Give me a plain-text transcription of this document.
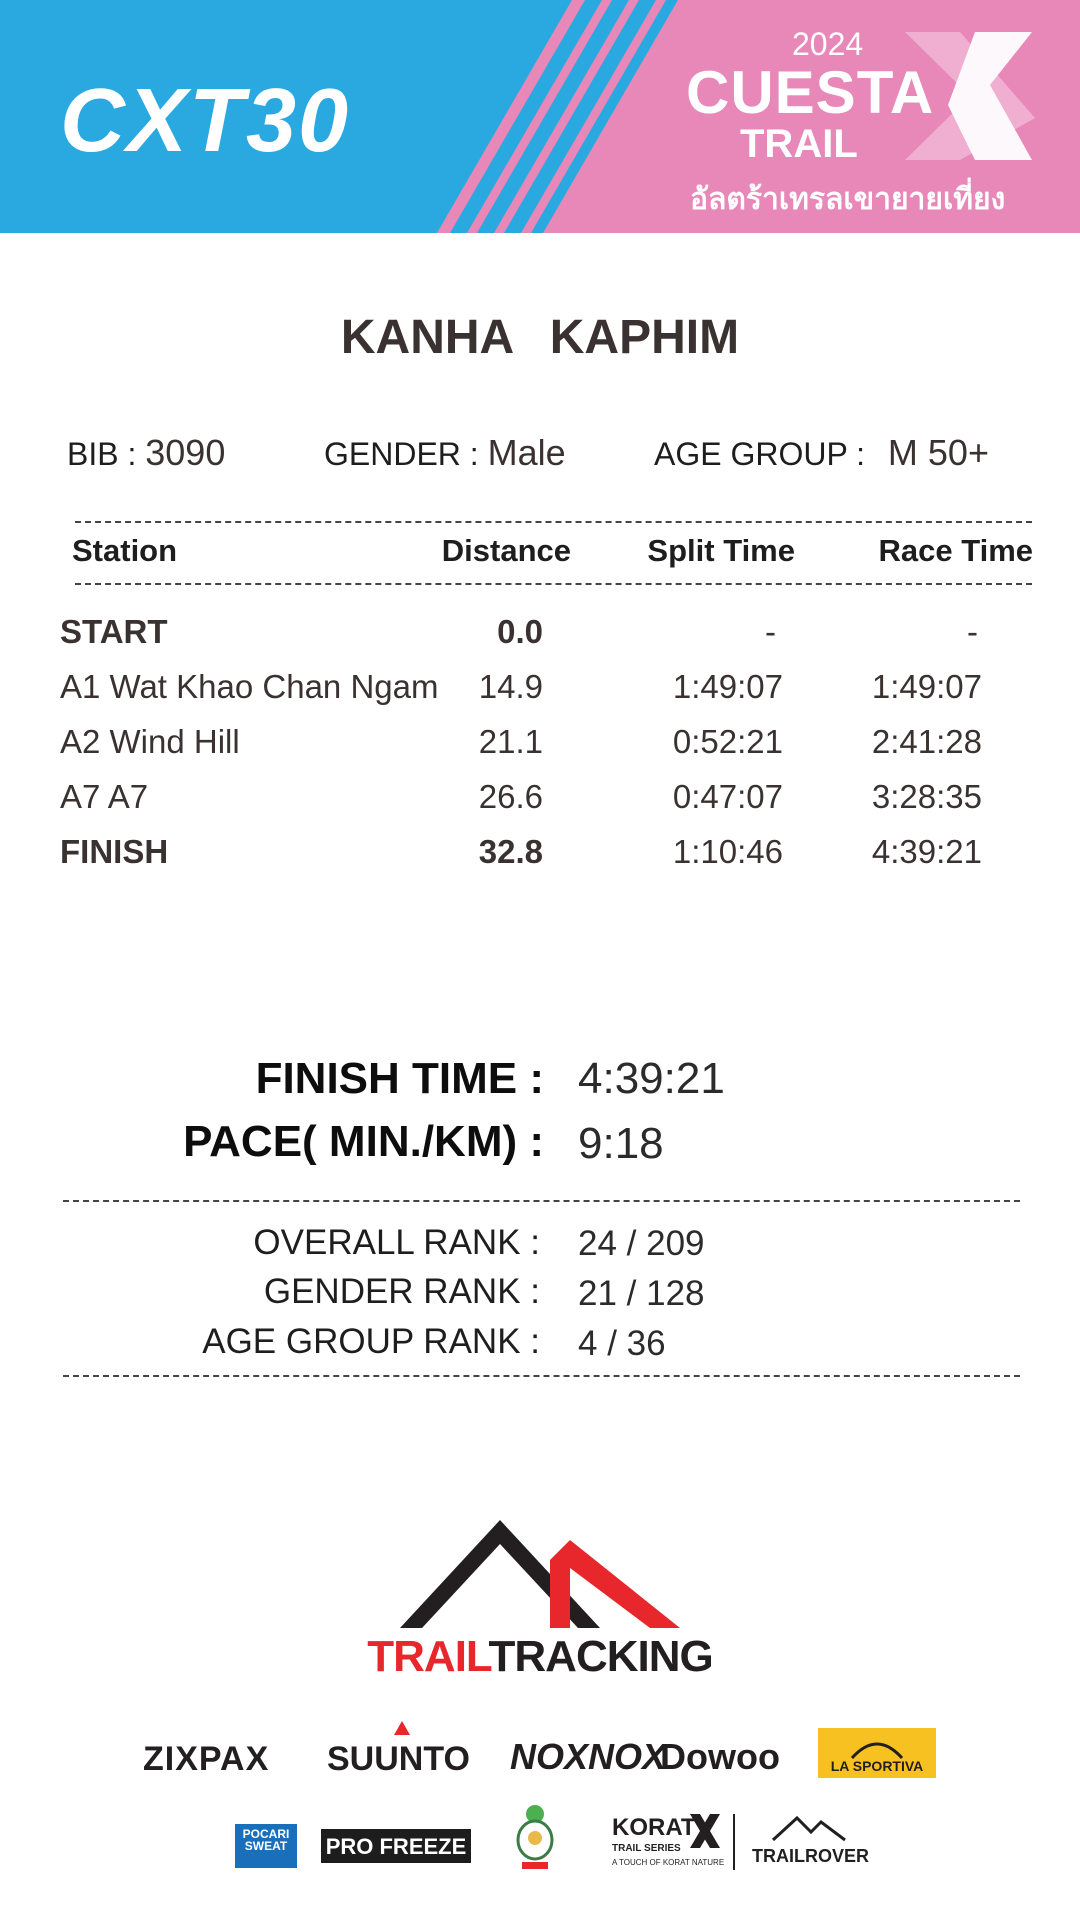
CXT30
2024
CUESTA
TRAIL
อัลตร้าเทรลเขายายเที่ยง
KANHA KAPHIM
BIB : 3090	GENDER : Male	AGE GROUP : M 50+
Station	Distance Split Time	Race Time
START	0.0	-	-
A1 Wat Khao Chan Ngam 14.9	1:49:07	1:49:07
A2 Wind Hill	21.1	0:52:21	2:41:28
A7 A7	26.6	0:47:07	3:28:35
FINISH	32.8	1:10:46	4:39:21
FINISH TIME : 4:39:21
PACE( MIN./KM) : 9:18
OVERALL RANK : 24 / 209
GENDER RANK : 21 / 128
AGE GROUP RANK : 4 / 36
TRAILTRACKING
ZIXPAX SUUNTO NOXNOX
Dowoo	LA SPORTIVA
POCARI SWEAT	PRO FREEZE
KORAT
TRAIL SERIES
A TOUCH OF KORAT NATURE TRAILROVER
